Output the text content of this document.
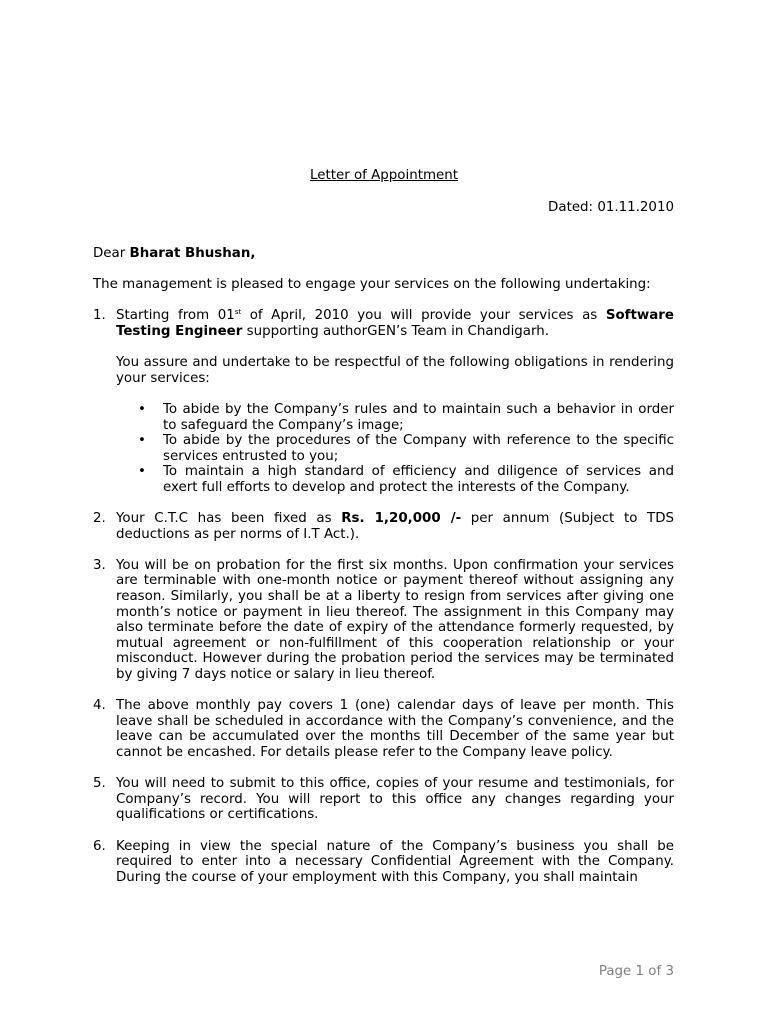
Letter of Appointment
Dated: 01.11.2010

Dear Bharat Bhushan,

The management is pleased to engage your services on the following undertaking:

1. Starting from 01st of April, 2010 you will provide your services as Software Testing Engineer supporting authorGEN’s Team in Chandigarh.

You assure and undertake to be respectful of the following obligations in rendering your services:

• To abide by the Company’s rules and to maintain such a behavior in order to safeguard the Company’s image;
• To abide by the procedures of the Company with reference to the specific services entrusted to you;
• To maintain a high standard of efficiency and diligence of services and exert full efforts to develop and protect the interests of the Company.
2. Your C.T.C has been fixed as Rs. 1,20,000 /- per annum (Subject to TDS deductions as per norms of I.T Act.).

3. You will be on probation for the first six months. Upon confirmation your services are terminable with one-month notice or payment thereof without assigning any reason. Similarly, you shall be at a liberty to resign from services after giving one month’s notice or payment in lieu thereof. The assignment in this Company may also terminate before the date of expiry of the attendance formerly requested, by mutual agreement or non-fulfillment of this cooperation relationship or your misconduct. However during the probation period the services may be terminated by giving 7 days notice or salary in lieu thereof.

4. The above monthly pay covers 1 (one) calendar days of leave per month. This leave shall be scheduled in accordance with the Company’s convenience, and the leave can be accumulated over the months till December of the same year but cannot be encashed. For details please refer to the Company leave policy.

5. You will need to submit to this office, copies of your resume and testimonials, for Company’s record. You will report to this office any changes regarding your qualifications or certifications.

6. Keeping in view the special nature of the Company’s business you shall be required to enter into a necessary Confidential Agreement with the Company. During the course of your employment with this Company, you shall maintain

Page 1 of 3
